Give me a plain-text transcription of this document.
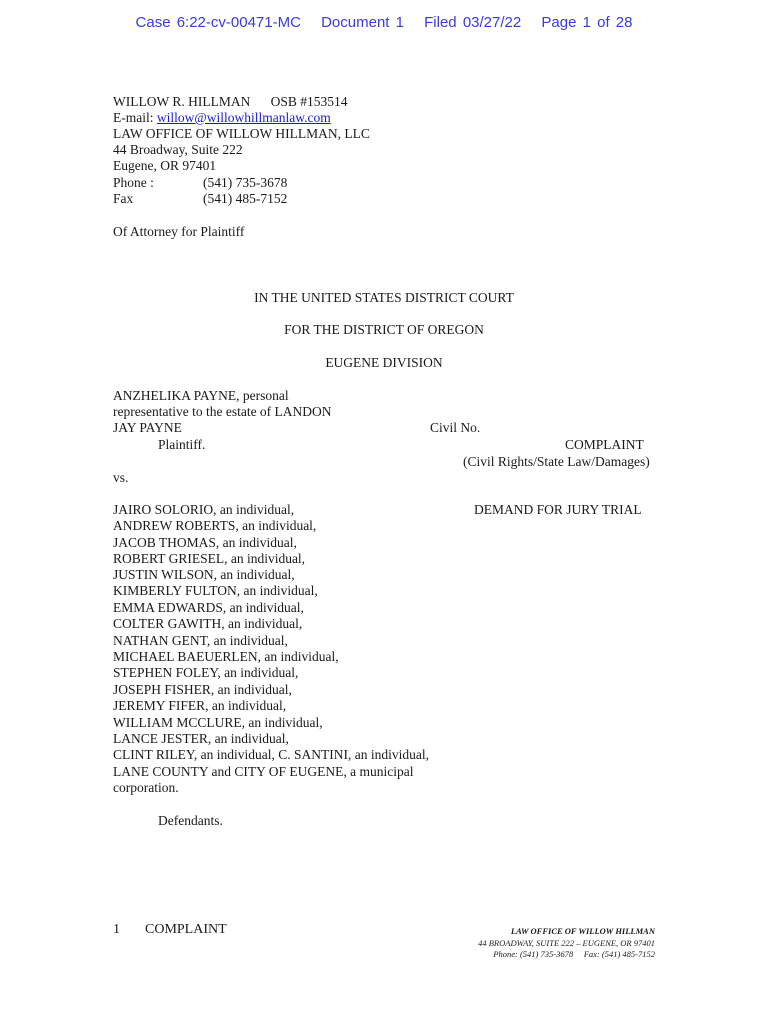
Case 6:22-cv-00471-MC Document 1 Filed 03/27/22 Page 1 of 28
WILLOW R. HILLMAN      OSB #153514
E-mail: willow@willowhillmanlaw.com
LAW OFFICE OF WILLOW HILLMAN, LLC
44 Broadway, Suite 222
Eugene, OR 97401
Phone :	(541) 735-3678
Fax	(541) 485-7152
Of Attorney for Plaintiff
IN THE UNITED STATES DISTRICT COURT
FOR THE DISTRICT OF OREGON
EUGENE DIVISION
ANZHELIKA PAYNE, personal
representative to the estate of LANDON
JAY PAYNE	Civil No.
Plaintiff.	COMPLAINT
(Civil Rights/State Law/Damages)
vs.
DEMAND FOR JURY TRIAL
JAIRO SOLORIO, an individual,
ANDREW ROBERTS, an individual,
JACOB THOMAS, an individual,
ROBERT GRIESEL, an individual,
JUSTIN WILSON, an individual,
KIMBERLY FULTON, an individual,
EMMA EDWARDS, an individual,
COLTER GAWITH, an individual,
NATHAN GENT, an individual,
MICHAEL BAEUERLEN, an individual,
STEPHEN FOLEY, an individual,
JOSEPH FISHER, an individual,
JEREMY FIFER, an individual,
WILLIAM MCCLURE, an individual,
LANCE JESTER, an individual,
CLINT RILEY, an individual, C. SANTINI, an individual,
LANE COUNTY and CITY OF EUGENE, a municipal
corporation.
Defendants.
1 COMPLAINT	LAW OFFICE OF WILLOW HILLMAN
44 BROADWAY, SUITE 222 – EUGENE, OR 97401
Phone: (541) 735-3678     Fax: (541) 485-7152
